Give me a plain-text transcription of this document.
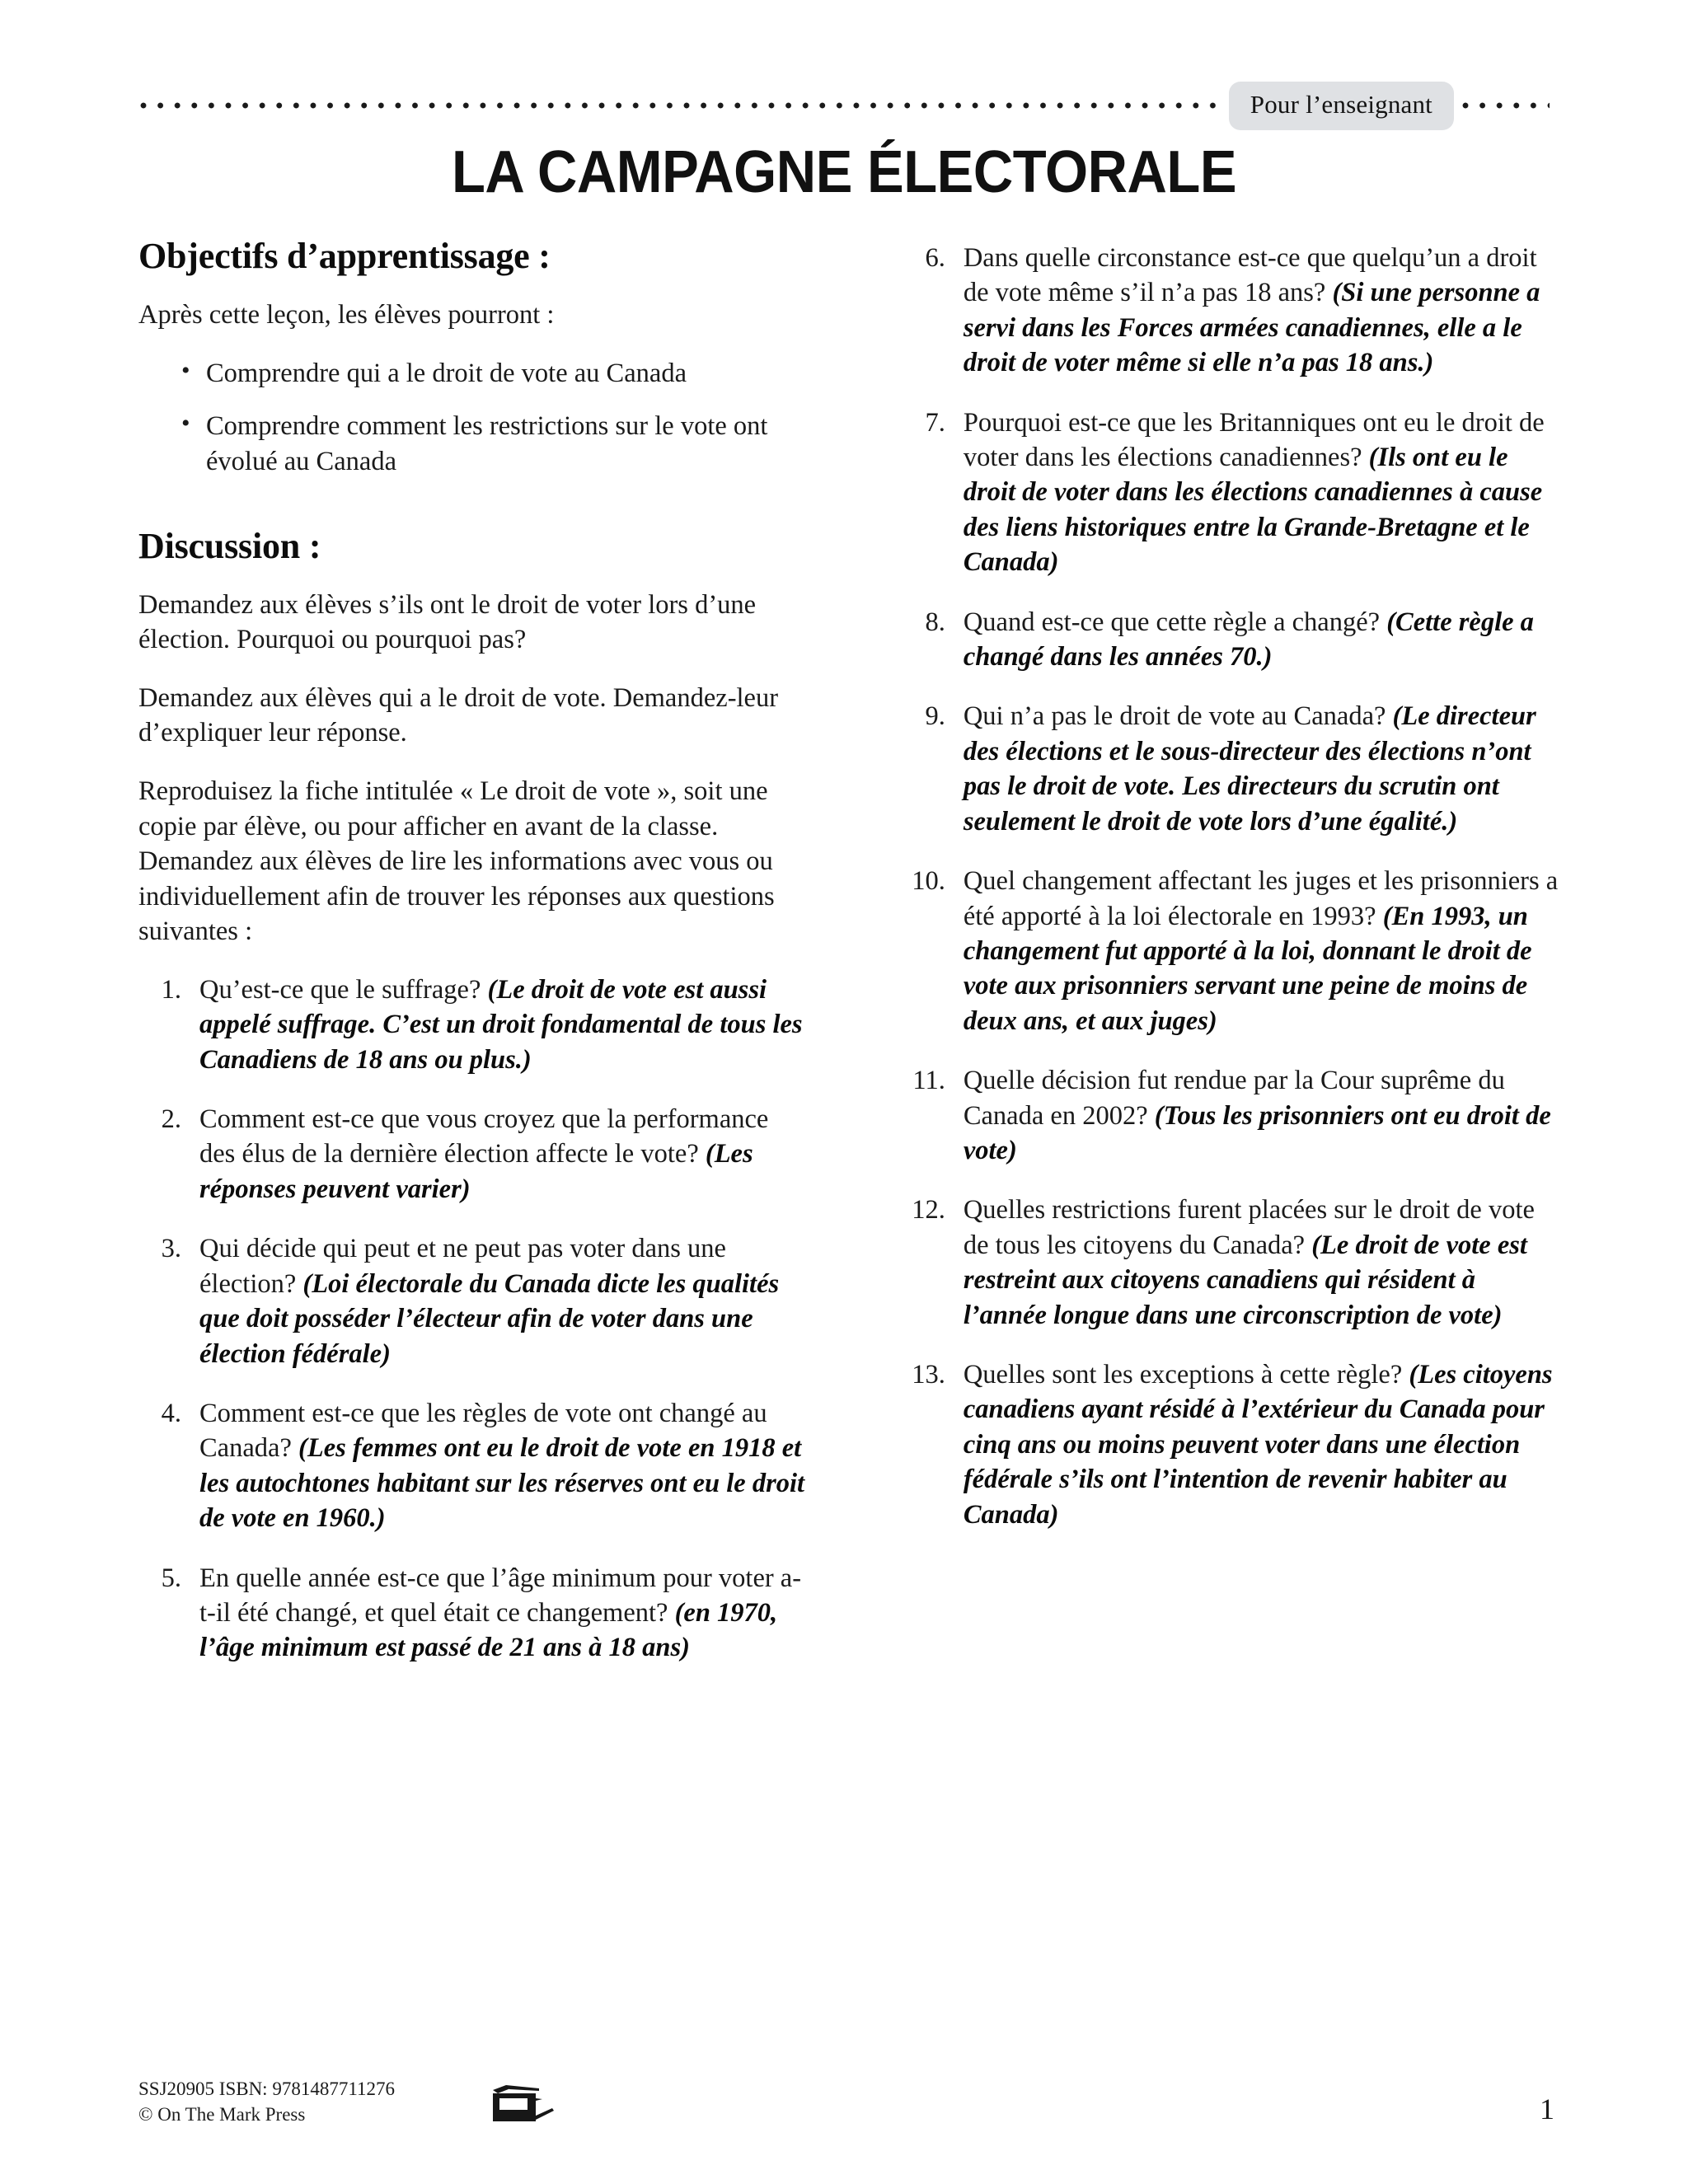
Pour l’enseignant
LA CAMPAGNE ÉLECTORALE
Objectifs d’apprentissage :

Après cette leçon, les élèves pourront :

• Comprendre qui a le droit de vote au Canada
• Comprendre comment les restrictions sur le vote ont évolué au Canada
Discussion :

Demandez aux élèves s’ils ont le droit de voter lors d’une élection. Pourquoi ou pourquoi pas?

Demandez aux élèves qui a le droit de vote. Demandez-leur d’expliquer leur réponse.

Reproduisez la fiche intitulée « Le droit de vote », soit une copie par élève, ou pour afficher en avant de la classe. Demandez aux élèves de lire les informations avec vous ou individuellement afin de trouver les réponses aux questions suivantes :

1. Qu’est-ce que le suffrage? (Le droit de vote est aussi appelé suffrage. C’est un droit fondamental de tous les Canadiens de 18 ans ou plus.)
2. Comment est-ce que vous croyez que la performance des élus de la dernière élection affecte le vote? (Les réponses peuvent varier)
3. Qui décide qui peut et ne peut pas voter dans une élection? (Loi électorale du Canada dicte les qualités que doit posséder l’électeur afin de voter dans une élection fédérale)
4. Comment est-ce que les règles de vote ont changé au Canada? (Les femmes ont eu le droit de vote en 1918 et les autochtones habitant sur les réserves ont eu le droit de vote en 1960.)
5. En quelle année est-ce que l’âge minimum pour voter a-t-il été changé, et quel était ce changement? (en 1970, l’âge minimum est passé de 21 ans à 18 ans)
6. Dans quelle circonstance est-ce que quelqu’un a droit de vote même s’il n’a pas 18 ans? (Si une personne a servi dans les Forces armées canadiennes, elle a le droit de voter même si elle n’a pas 18 ans.)
7. Pourquoi est-ce que les Britanniques ont eu le droit de voter dans les élections canadiennes? (Ils ont eu le droit de voter dans les élections canadiennes à cause des liens historiques entre la Grande-Bretagne et le Canada)
8. Quand est-ce que cette règle a changé? (Cette règle a changé dans les années 70.)
9. Qui n’a pas le droit de vote au Canada? (Le directeur des élections et le sous-directeur des élections n’ont pas le droit de vote. Les directeurs du scrutin ont seulement le droit de vote lors d’une égalité.)
10. Quel changement affectant les juges et les prisonniers a été apporté à la loi électorale en 1993? (En 1993, un changement fut apporté à la loi, donnant le droit de vote aux prisonniers servant une peine de moins de deux ans, et aux juges)
11. Quelle décision fut rendue par la Cour suprême du Canada en 2002? (Tous les prisonniers ont eu droit de vote)
12. Quelles restrictions furent placées sur le droit de vote de tous les citoyens du Canada? (Le droit de vote est restreint aux citoyens canadiens qui résident à l’année longue dans une circonscription de vote)
13. Quelles sont les exceptions à cette règle? (Les citoyens canadiens ayant résidé à l’extérieur du Canada pour cinq ans ou moins peuvent voter dans une élection fédérale s’ils ont l’intention de revenir habiter au Canada)
SSJ20905 ISBN: 9781487711276
© On The Mark Press	1
